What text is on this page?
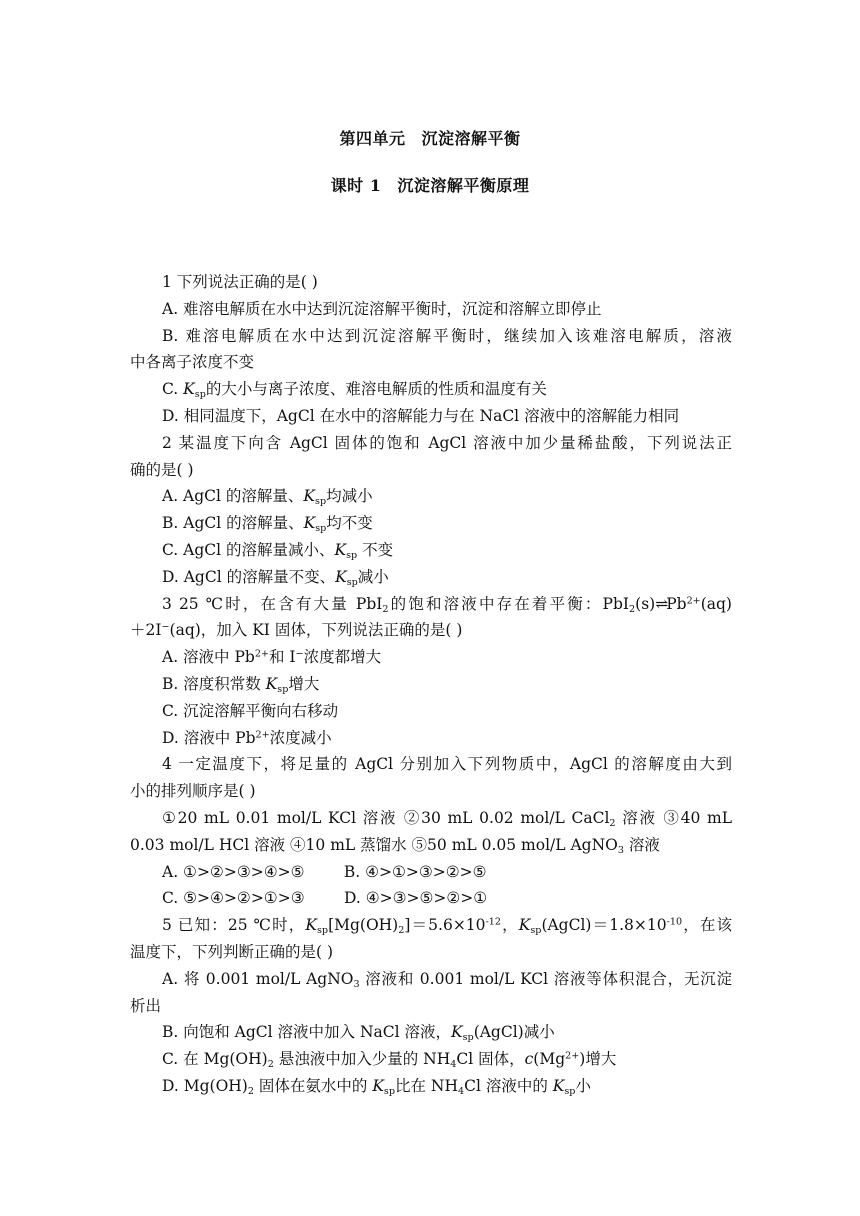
第四单元 沉淀溶解平衡
课时 1 沉淀溶解平衡原理
1 下列说法正确的是( )
A. 难溶电解质在水中达到沉淀溶解平衡时，沉淀和溶解立即停止
B. 难溶电解质在水中达到沉淀溶解平衡时，继续加入该难溶电解质，溶液
中各离子浓度不变
C. $K_{sp}$的大小与离子浓度、难溶电解质的性质和温度有关
D. 相同温度下，AgCl 在水中的溶解能力与在 NaCl 溶液中的溶解能力相同
2 某温度下向含 AgCl 固体的饱和 AgCl 溶液中加少量稀盐酸，下列说法正
确的是( )
A. AgCl 的溶解量、$K_{sp}$均减小
B. AgCl 的溶解量、$K_{sp}$均不变
C. AgCl 的溶解量减小、$K_{sp}$ 不变
D. AgCl 的溶解量不变、$K_{sp}$减小
3 25 ℃时，在含有大量 PbI$_2$的饱和溶液中存在着平衡：$PbI_2(s)\rightleftharpoons Pb^{2+}(aq)$
＋2I−(aq)，加入 KI 固体，下列说法正确的是( )
A. 溶液中 $Pb^{2+}$和 I−浓度都增大
B. 溶度积常数 $K_{sp}$增大
C. 沉淀溶解平衡向右移动
D. 溶液中 $Pb^{2+}$浓度减小
4 一定温度下，将足量的 AgCl 分别加入下列物质中，AgCl 的溶解度由大到
小的排列顺序是( )
①20 mL 0.01 mol/L KCl 溶液 ②30 mL 0.02 mol/L CaCl$_2$ 溶液 ③40 mL
0.03 mol/L HCl 溶液 ④10 mL 蒸馏水 ⑤50 mL 0.05 mol/L AgNO$_3$ 溶液
A. ①>②>③>④>⑤        B. ④>①>③>②>⑤
C. ⑤>④>②>①>③        D. ④>③>⑤>②>①
5 已知：25 ℃时，$K_{sp}[Mg(OH)_2]=5.6\times 10^{-12}$，$K_{sp}(AgCl)=1.8\times 10^{-10}$，在该
温度下，下列判断正确的是( )
A. 将 0.001 mol/L AgNO$_3$ 溶液和 0.001 mol/L KCl 溶液等体积混合，无沉淀
析出
B. 向饱和 AgCl 溶液中加入 NaCl 溶液，$K_{sp}(AgCl)$减小
C. 在 $Mg(OH)_2$ 悬浊液中加入少量的 $NH_4Cl$ 固体，$c(Mg^{2+})$增大
D. $Mg(OH)_2$ 固体在氨水中的 $K_{sp}$比在 $NH_4Cl$ 溶液中的 $K_{sp}$小
